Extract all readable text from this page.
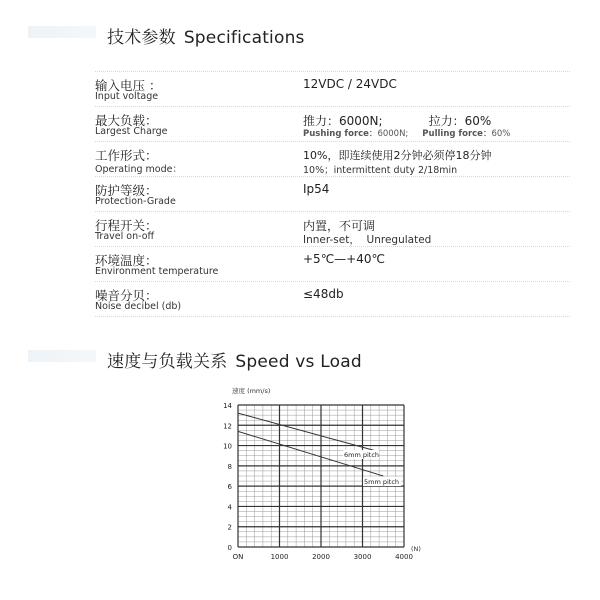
技术参数 Specifications
输入电压 ：
Input voltage
12VDC / 24VDC
最大负载：
Largest Charge
推力：6000N;	拉力：60%
Pushing force：6000N; Pulling force：60%
工作形式：
Operating mode：
10%，即连续使用2分钟必须停18分钟
10%；intermittent duty 2/18min
防护等级：
Protection-Grade
Ip54
行程开关：
Travel on-off
内置，不可调
Inner-set，  Unregulated
环境温度：
Environment temperature
+5℃—+40℃
噪音分贝：
Noise decibel (db)
≤48db
速度与负载关系 Speed vs Load
0
2
4
6
8
10
12
14
ON	1000	2000	3000	4000
速度 (mm/s)
(N)
6mm pitch
5mm pitch
